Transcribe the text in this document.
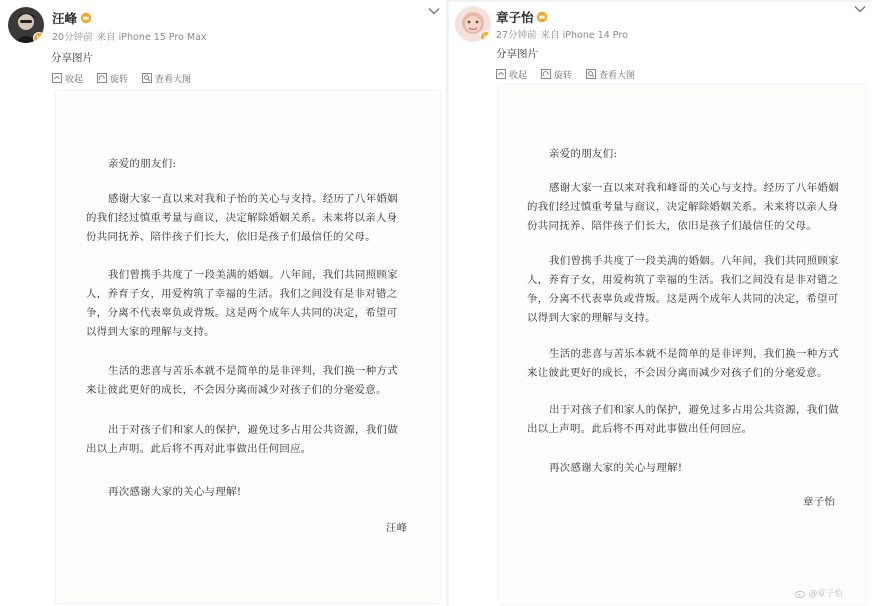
v
汪峰
20分钟前 来自 iPhone 15 Pro Max
分享图片
收起	旋转	查看大图

亲爱的朋友们:

感谢大家一直以来对我和子怡的关心与支持。经历了八年婚姻
的我们经过慎重考量与商议，决定解除婚姻关系。未来将以亲人身
份共同抚养、陪伴孩子们长大，依旧是孩子们最信任的父母。
我们曾携手共度了一段美满的婚姻。八年间，我们共同照顾家
人，养育子女，用爱构筑了幸福的生活。我们之间没有是非对错之
争，分离不代表辜负或背叛。这是两个成年人共同的决定，希望可
以得到大家的理解与支持。
生活的悲喜与苦乐本就不是简单的是非评判，我们换一种方式
来让彼此更好的成长，不会因分离而减少对孩子们的分毫爱意。
出于对孩子们和家人的保护，避免过多占用公共资源，我们做
出以上声明。此后将不再对此事做出任何回应。

再次感谢大家的关心与理解!

汪峰

v
章子怡
27分钟前 来自 iPhone 14 Pro
分享图片
收起	旋转	查看大图

亲爱的朋友们:

感谢大家一直以来对我和峰哥的关心与支持。经历了八年婚姻
的我们经过慎重考量与商议，决定解除婚姻关系。未来将以亲人身
份共同抚养、陪伴孩子们长大，依旧是孩子们最信任的父母。
我们曾携手共度了一段美满的婚姻。八年间，我们共同照顾家
人，养育子女，用爱构筑了幸福的生活。我们之间没有是非对错之
争，分离不代表辜负或背叛。这是两个成年人共同的决定，希望可
以得到大家的理解与支持。
生活的悲喜与苦乐本就不是简单的是非评判，我们换一种方式
来让彼此更好的成长，不会因分离而减少对孩子们的分毫爱意。
出于对孩子们和家人的保护，避免过多占用公共资源，我们做
出以上声明。此后将不再对此事做出任何回应。

再次感谢大家的关心与理解!

章子怡

@章子怡
